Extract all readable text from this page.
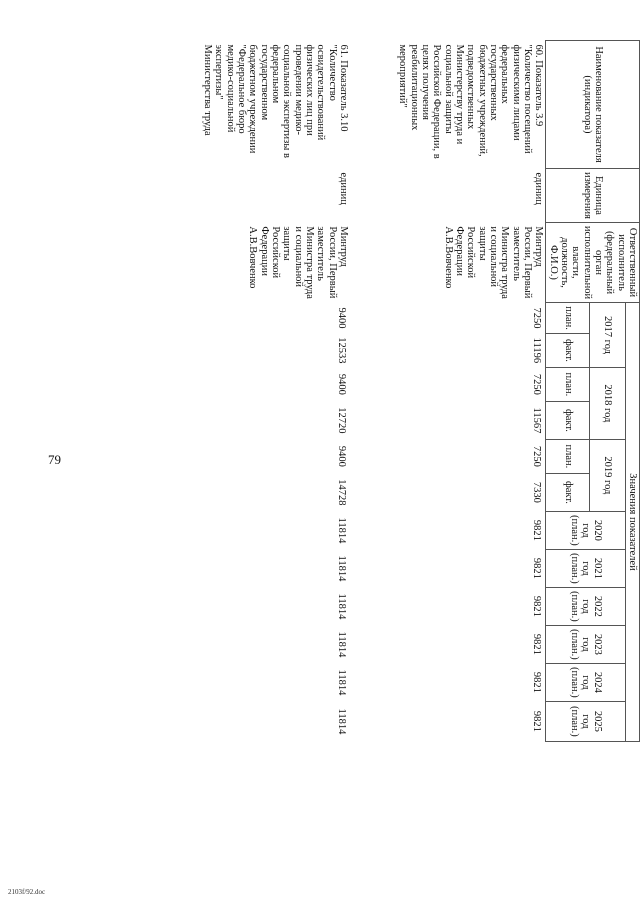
79
Наименование показателя (индикатора)	Единица измерения	Ответственный исполнитель (федеральный орган исполнительной власти, должность, Ф.И.О.)	Значения показателей											
			2017 год		2018 год		2019 год		2020 год (план.)	2021 год (план.)	2022 год (план.)	2023 год (план.)	2024 год (план.)	2025 год (план.)
			план.	факт.	план.	факт.	план.	факт.						
60. Показатель 3.9 "Количество посещений физическими лицами федеральных государственных бюджетных учреждений, подведомственных Министерству труда и социальной защиты Российской Федерации, в целях получения реабилитационных мероприятий"	единиц	Минтруд России, Первый заместитель Министра труда и социальной защиты Российской Федерации А.В.Вовченко	7250	11196	7250	11567	7250	7330	9821	9821	9821	9821	9821	9821
61. Показатель 3.10 "Количество освидетельствований физических лиц при проведении медико-социальной экспертизы в федеральном государственном бюджетном учреждении "Федеральное бюро медико-социальной экспертизы" Министерства труда	единиц	Минтруд России, Первый заместитель Министра труда и социальной защиты Российской Федерации А.В.Вовченко	9400	12533	9400	12720	9400	14728	11814	11814	11814	11814	11814	11814
2103f/92.doc
